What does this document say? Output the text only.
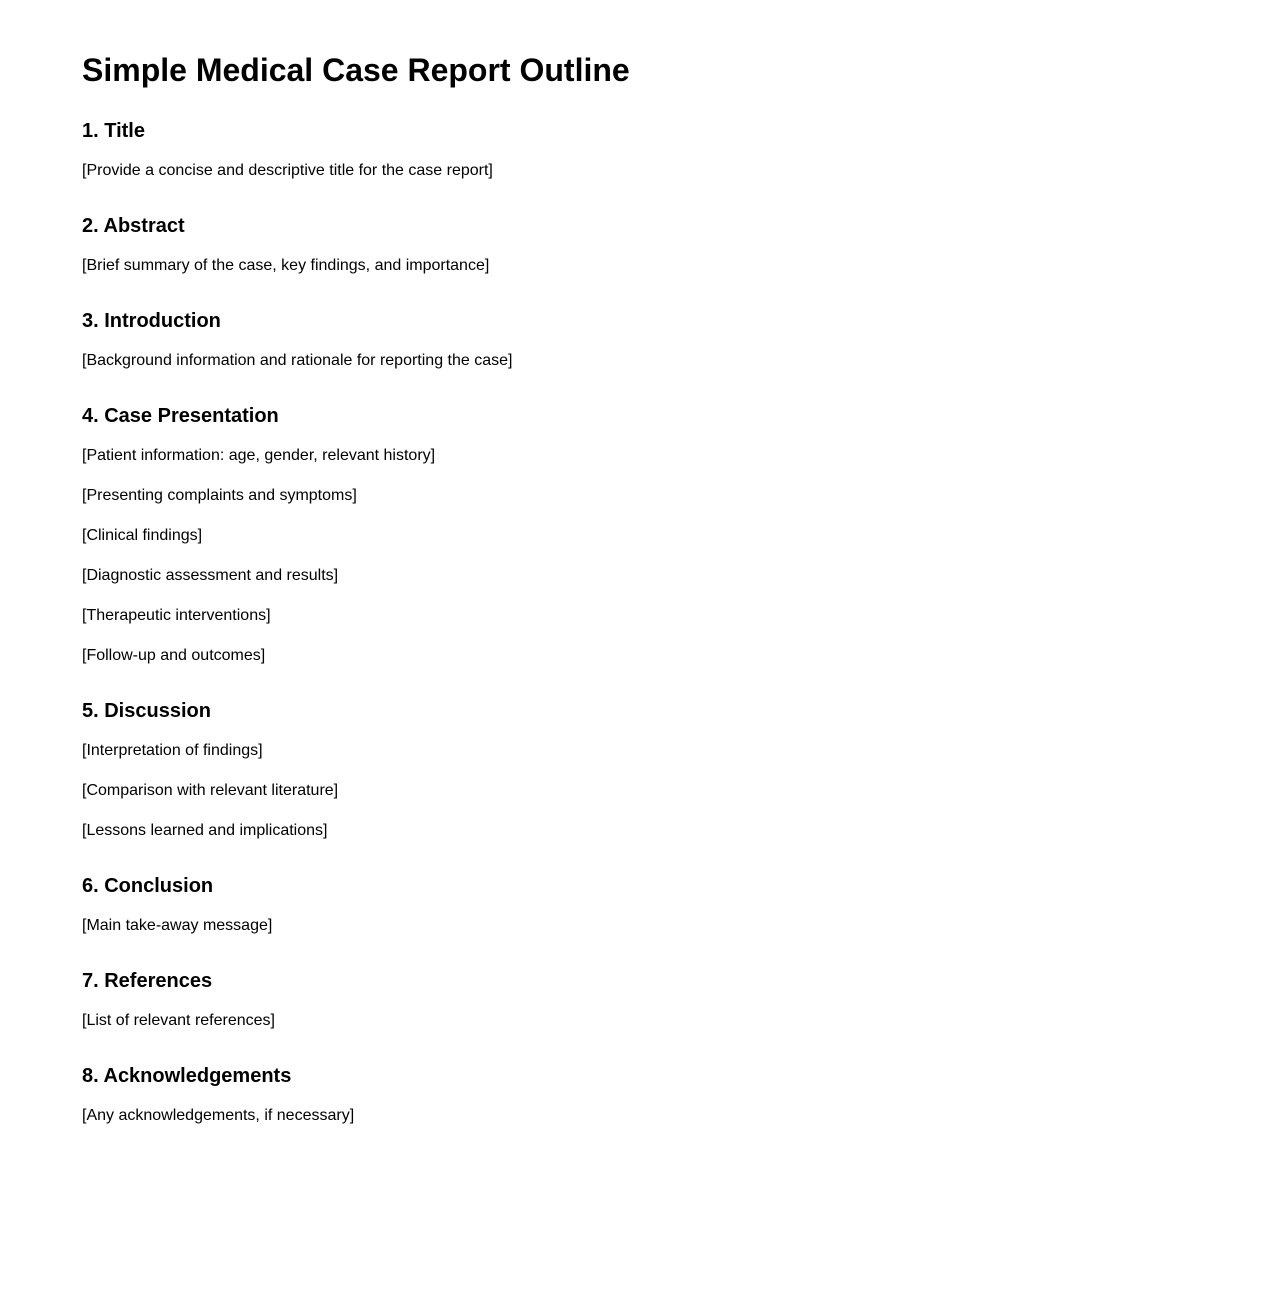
Simple Medical Case Report Outline
1. Title

[Provide a concise and descriptive title for the case report]

2. Abstract

[Brief summary of the case, key findings, and importance]

3. Introduction

[Background information and rationale for reporting the case]

4. Case Presentation

[Patient information: age, gender, relevant history]

[Presenting complaints and symptoms]

[Clinical findings]

[Diagnostic assessment and results]

[Therapeutic interventions]

[Follow-up and outcomes]

5. Discussion

[Interpretation of findings]

[Comparison with relevant literature]

[Lessons learned and implications]

6. Conclusion

[Main take-away message]

7. References

[List of relevant references]

8. Acknowledgements

[Any acknowledgements, if necessary]
